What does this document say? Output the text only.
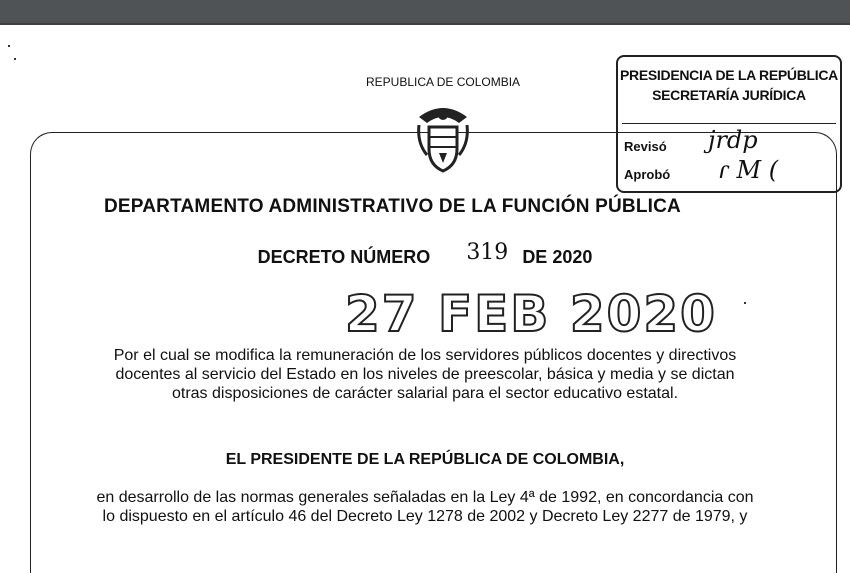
REPUBLICA DE COLOMBIA	PRESIDENCIA DE LA REPÚBLICA
SECRETARÍA JURÍDICA
Revisó jrdp
Aprobó ɾ M (
DEPARTAMENTO ADMINISTRATIVO DE LA FUNCIÓN PÚBLICA
DECRETO NÚMERO 319 DE 2020
27 FEB 2020
Por el cual se modifica la remuneración de los servidores públicos docentes y directivos
docentes al servicio del Estado en los niveles de preescolar, básica y media y se dictan
otras disposiciones de carácter salarial para el sector educativo estatal.
EL PRESIDENTE DE LA REPÚBLICA DE COLOMBIA,
en desarrollo de las normas generales señaladas en la Ley 4ª de 1992, en concordancia con
lo dispuesto en el artículo 46 del Decreto Ley 1278 de 2002 y Decreto Ley 2277 de 1979, y
